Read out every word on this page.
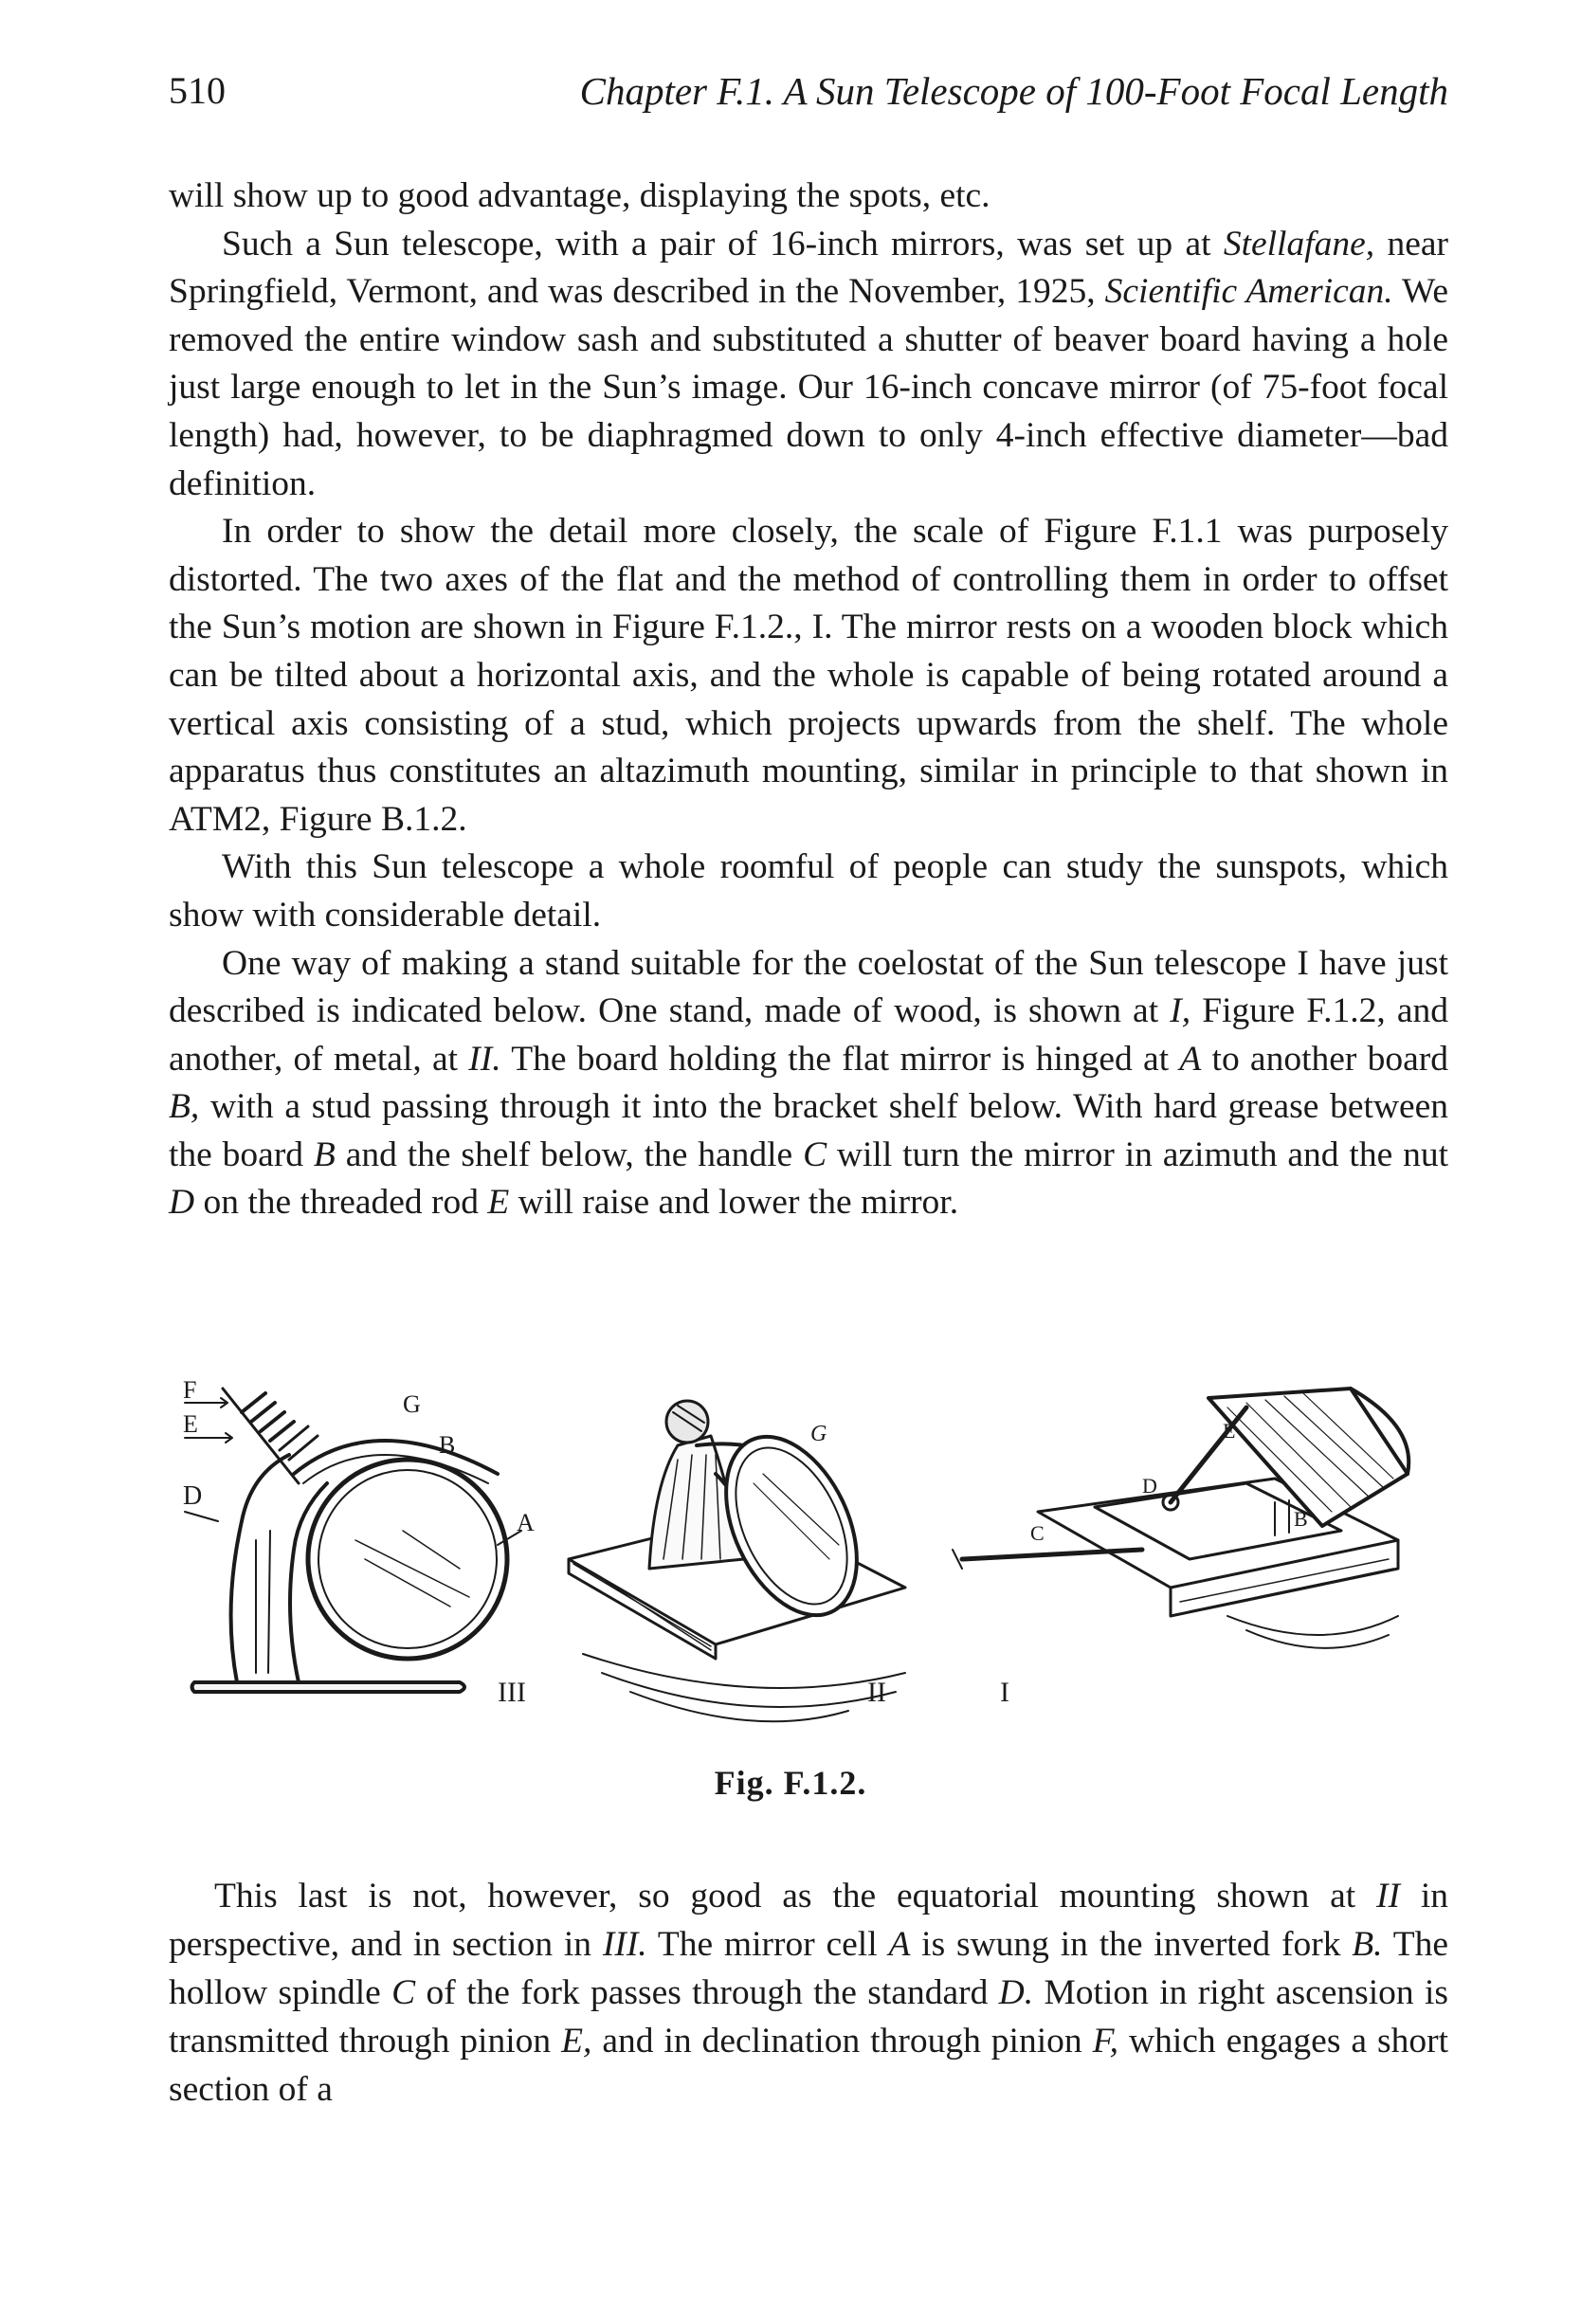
510	Chapter F.1. A Sun Telescope of 100-Foot Focal Length

will show up to good advantage, displaying the spots, etc.

Such a Sun telescope, with a pair of 16-inch mirrors, was set up at Stellafane, near Springfield, Vermont, and was described in the November, 1925, Scientific American. We removed the entire window sash and substituted a shutter of beaver board having a hole just large enough to let in the Sun’s image. Our 16-inch concave mirror (of 75-foot focal length) had, however, to be diaphragmed down to only 4-inch effective diameter—bad definition.

In order to show the detail more closely, the scale of Figure F.1.1 was purposely distorted. The two axes of the flat and the method of controlling them in order to offset the Sun’s motion are shown in Figure F.1.2., I. The mirror rests on a wooden block which can be tilted about a horizontal axis, and the whole is capable of being rotated around a vertical axis consisting of a stud, which projects upwards from the shelf. The whole apparatus thus constitutes an altazimuth mounting, similar in principle to that shown in ATM2, Figure B.1.2.

With this Sun telescope a whole roomful of people can study the sunspots, which show with considerable detail.

One way of making a stand suitable for the coelostat of the Sun telescope I have just described is indicated below. One stand, made of wood, is shown at I, Figure F.1.2, and another, of metal, at II. The board holding the flat mirror is hinged at A to another board B, with a stud passing through it into the bracket shelf below. With hard grease between the board B and the shelf below, the handle C will turn the mirror in azimuth and the nut D on the threaded rod E will raise and lower the mirror.

F
E
D
G
B
A
III
G
II
C
E
D
B
I
Fig. F.1.2.

This last is not, however, so good as the equatorial mounting shown at II in perspective, and in section in III. The mirror cell A is swung in the inverted fork B. The hollow spindle C of the fork passes through the standard D. Motion in right ascension is transmitted through pinion E, and in declination through pinion F, which engages a short section of a
